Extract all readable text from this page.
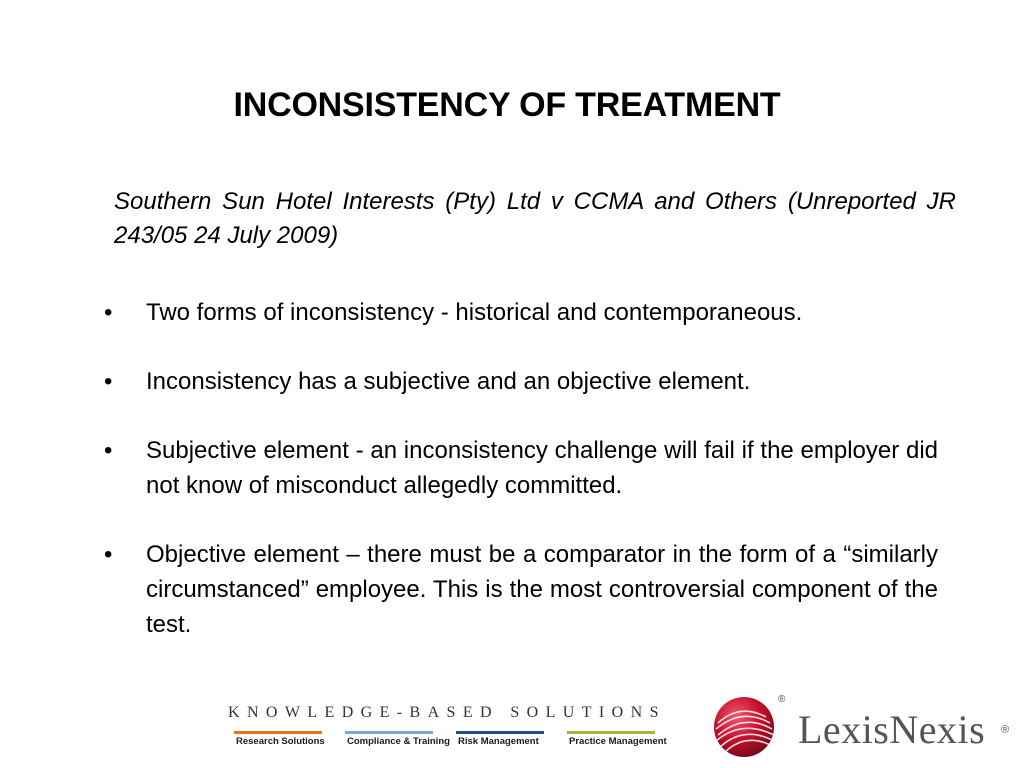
INCONSISTENCY OF TREATMENT

Southern Sun Hotel Interests (Pty) Ltd v CCMA and Others (Unreported JR 243/05 24 July 2009)

• Two forms of inconsistency - historical and contemporaneous.
• Inconsistency has a subjective and an objective element.
• Subjective element - an inconsistency challenge will fail if the employer did not know of misconduct allegedly committed.
• Objective element – there must be a comparator in the form of a “similarly circumstanced” employee. This is the most controversial component of the test.
KNOWLEDGE-BASED SOLUTIONS
Research Solutions	Compliance & Training Risk Management	Practice Management
®
LexisNexis ®
